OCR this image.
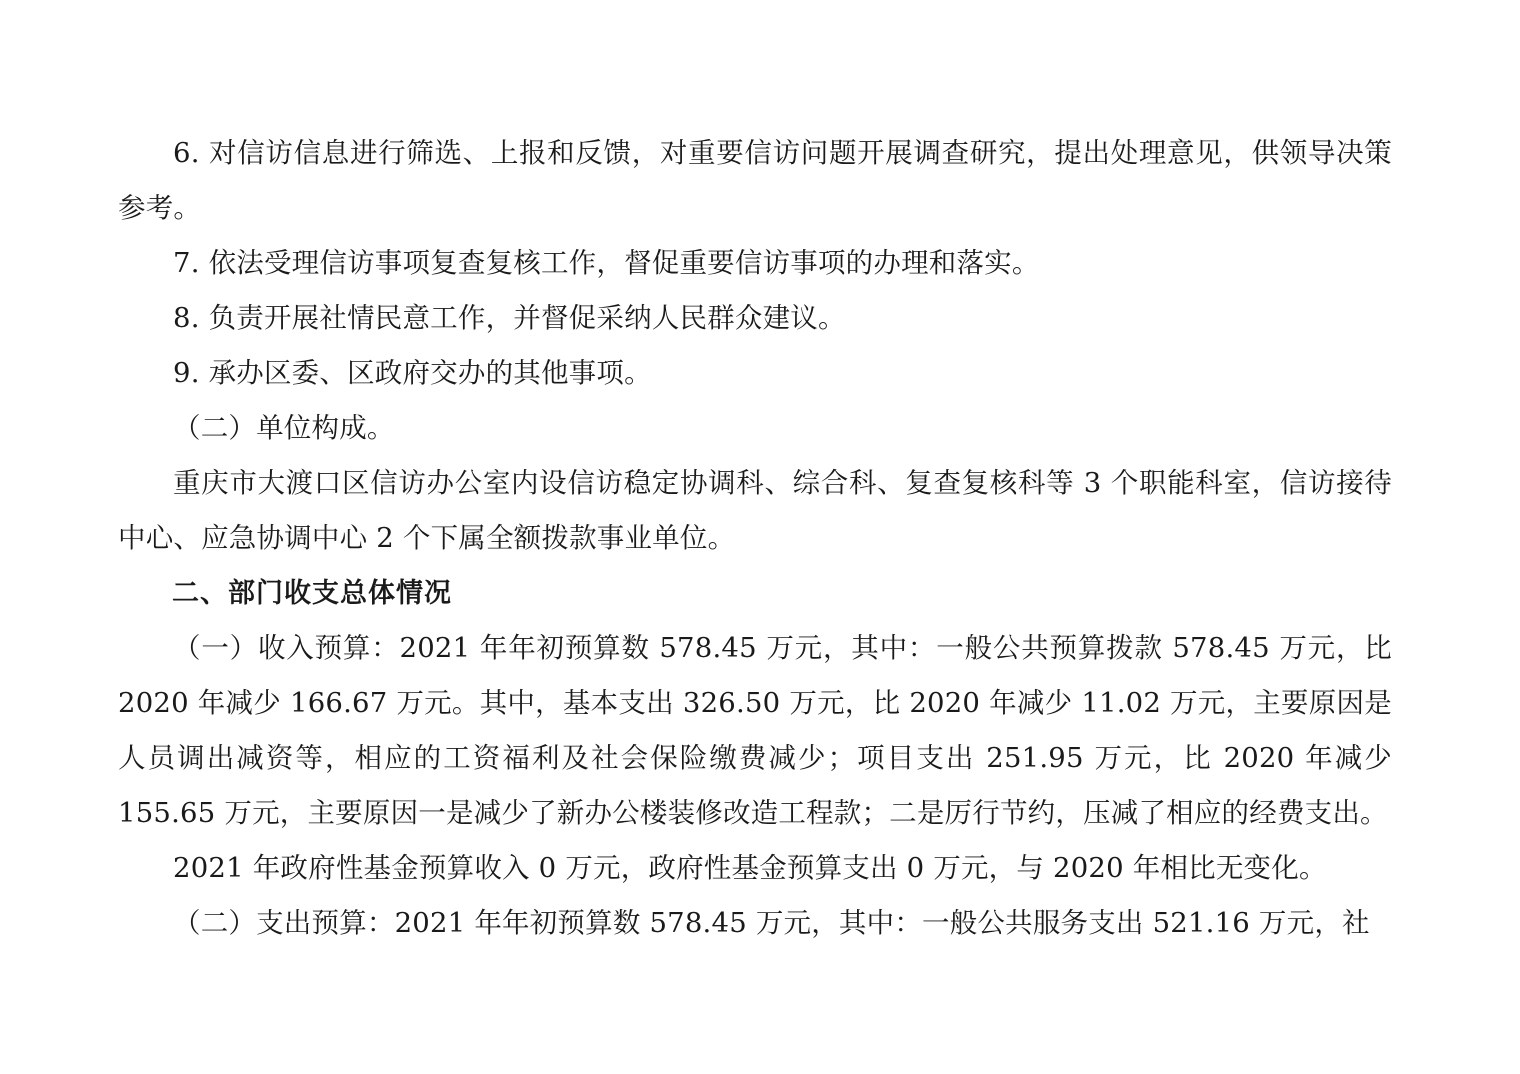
6. 对信访信息进行筛选、上报和反馈，对重要信访问题开展调查研究，提出处理意见，供领导决策参考。

7. 依法受理信访事项复查复核工作，督促重要信访事项的办理和落实。

8. 负责开展社情民意工作，并督促采纳人民群众建议。

9. 承办区委、区政府交办的其他事项。

（二）单位构成。

重庆市大渡口区信访办公室内设信访稳定协调科、综合科、复查复核科等 3 个职能科室，信访接待中心、应急协调中心 2 个下属全额拨款事业单位。

二、部门收支总体情况

（一）收入预算：2021 年年初预算数 578.45 万元，其中：一般公共预算拨款 578.45 万元，比 2020 年减少 166.67 万元。其中，基本支出 326.50 万元，比 2020 年减少 11.02 万元，主要原因是人员调出减资等，相应的工资福利及社会保险缴费减少；项目支出 251.95 万元，比 2020 年减少 155.65 万元，主要原因一是减少了新办公楼装修改造工程款；二是厉行节约，压减了相应的经费支出。

2021 年政府性基金预算收入 0 万元，政府性基金预算支出 0 万元，与 2020 年相比无变化。

（二）支出预算：2021 年年初预算数 578.45 万元，其中：一般公共服务支出 521.16 万元，社
